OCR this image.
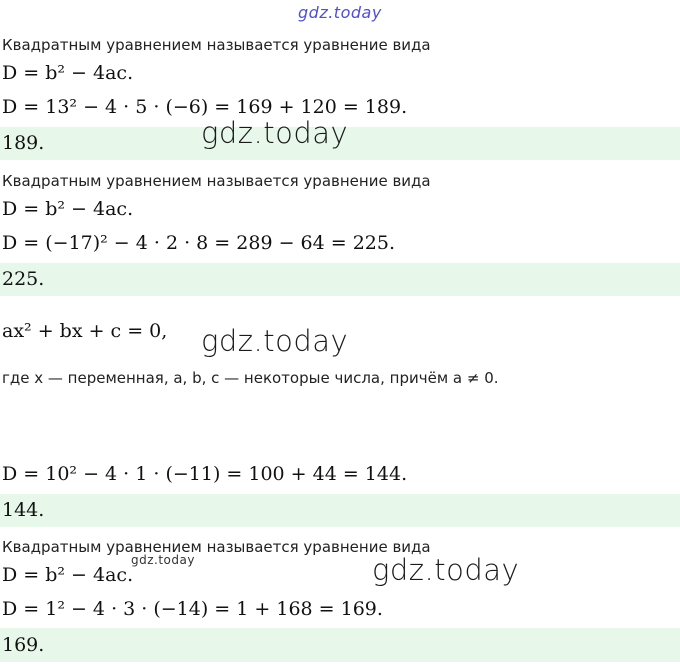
gdz.today
Квадратным уравнением называется уравнение вида
D = b² − 4ac.
D = 13² − 4 · 5 · (−6) = 169 + 120 = 189.
189.	gdz.today
Квадратным уравнением называется уравнение вида
D = b² − 4ac.
D = (−17)² − 4 · 2 · 8 = 289 − 64 = 225.
225.
ax² + bx + c = 0, gdz.today
где x — переменная, a, b, c — некоторые числа, причём a ≠ 0.
D = 10² − 4 · 1 · (−11) = 100 + 44 = 144.
144.
Квадратным уравнением называется уравнение вида
D = b² − 4ac.
gdz.today	gdz.today
D = 1² − 4 · 3 · (−14) = 1 + 168 = 169.
169.
